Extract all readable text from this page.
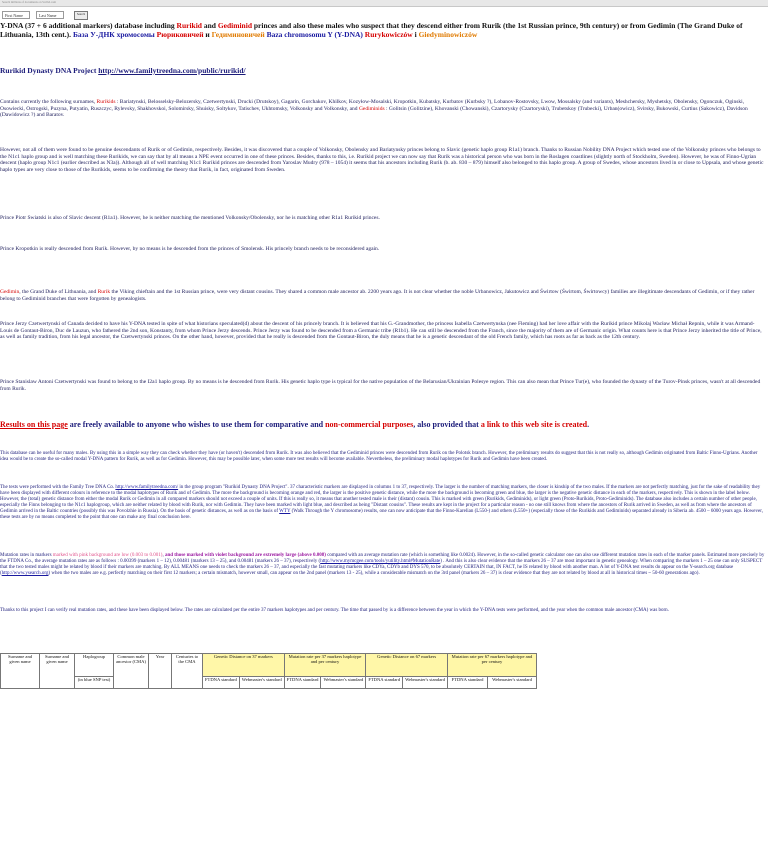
Search millions of documents on Scribd.com
First Name	Last Name	Search
Y-DNA (37 + 6 additional markers) database including Rurikid and Gediminid princes and also these males who suspect that they descend either from Rurik (the 1st Russian prince, 9th century) or from Gedimin (The Grand Duke of Lithuania, 13th cent.). База У-ДНК хромосомы Рюриковичей и Гедиминовичей Baza chromosomu Y (Y-DNA) Rurykowiczów i Giedyminowiczów
Rurikid Dynasty DNA Project http://www.familytreedna.com/public/rurikid/
Contains currently the following surnames, Rurikids : Bariatynski, Belosselsky-Belozersky, Czetwertynski, Drucki (Drutskoy), Gagarin, Gorchakov, Khilkov, Kozyłow-Mosalski, Kropotkin, Kubatsky, Kurbatov (Kurbsky ?), Lobanov-Rostovsky, Lwow, Mossalsky (and variants), Meshchersky, Myshetsky, Obolensky, Ogonczuk, Oginski, Osowiecki, Ostrogski, Puzyna, Putyatin, Ruszczyc, Rylevsky, Shakhovskoi, Solomirsky, Shuisky, Soltykov, Tatischev, Ukhtomsky, Volkonsky and Volkonsky, and Gediminids : Golitsin (Golitzine), Khovanski (Chowanski), Czartorysky (Czartoryski), Trubetskoy (Trubecki), Urban(owicz), Svirsky, Bukowski, Curtius (Sakowicz), Davidson (Dawidowicz ?) and Baratov.
However, not all of them were found to be genuine descendants of Rurik or of Gedimin, respectively. Besides, it was discovered that a couple of Volkonsky, Obolensky and Bariatynsky princes belong to Slavic (genetic haplo group R1a1) branch. Thanks to Russian Nobility DNA Project which tested one of the Volkonsky princes who belongs to the N1c1 haplo group and is well matching these Rurikids, we can say that by all means a NPE event occurred in one of these princes. Besides, thanks to this, i.e. Rurikid project we can now say that Rurik was a historical person who was born in the Roslagen coastlines (slightly north of Stockholm, Sweden). However, he was of Finno-Ugrian descent (haplo group N1c1 (earlier described as N3a)). Although all of well matching N1c1 Rurikid princes are descended from Yaroslav Mudry (978 – 1054) it seems that his ancestors including Rurik (b. ab. 830 – 879) himself also belonged to this haplo group. A group of Swedes, whose ancestors lived in or close to Uppsala, and whose genetic haplo types are very close to those of the Rurikids, seems to be confirming the theory that Rurik, in fact, originated from Sweden.
Prince Piotr Swiatski is also of Slavic descent (R1a1). However, he is neither matching the mentioned Volkonsky/Obolensky, nor he is matching other R1a1 Rurikid princes.
Prince Kropotkin is really descended from Rurik. However, by no means is he descended from the princes of Smolensk. His princely branch needs to be reconsidered again.
Gedimin, the Grand Duke of Lithuania, and Rurik the Viking chieftain and the 1st Russian prince, were very distant cousins. They shared a common male ancestor ab. 2200 years ago. It is not clear whether the noble Urbanowicz, Jakutowicz and Świrtow (Świrtom, Świrtowcy) families are illegitimate descendants of Gedimin, or if they rather belong to Gediminid branches that were forgotten by genealogists.
Prince Jerzy Czetwertynski of Canada decided to have his Y-DNA tested in spite of what historians speculated(d) about the descent of his princely branch. It is believed that his G.-Grandmother, the princess Isabella Czetwertynska (nee Fleming) had her love affair with the Rurikid prince Mikolaj Wacław Michał Repnin, while it was Armand-Louis de Gontaut-Biron, Duc de Lauzun, who fathered the 2nd son, Konstanty, from whom Prince Jerzy descends. Prince Jerzy was found to be descended from a Germanic tribe (R1b1). He can still be descended from the Franch, since the majority of them are of Germanic origin. What counts here is that Prince Jerzy inherited the title of Prince, as well as family tradition, from his legal ancestor, the Czetwertynski princes. On the other hand, however, provided that he really is descended from the Gontaut-Biron, the duly means that he is a genetic descendant of the old French family, which has roots as far as back as the 12th century.
Prince Stanislaw Antoni Czetwertynski was found to belong to the I2a1 haplo group. By no means is he descended from Rurik. His genetic haplo type is typical for the native population of the Belarusian/Ukrainian Polesye region. This can also mean that Prince Tur(e), who founded the dynasty of the Turov-Pinsk princes, wasn't at all descended from Rurik.
Results on this page are freely available to anyone who wishes to use them for comparative and non-commercial purposes, also provided that a link to this web site is created.
This database can be useful for many males. By using this in a simple way they can check whether they have (or haven't) descended from Rurik. It was also believed that the Gediminid princes were descended from Rurik on the Polotsk branch. However, the preliminary results do suggest that this is not really so, although Gedimin originated from Baltic Finno-Ugrians. Another idea would be to create the so-called modal Y-DNA pattern for Rurik, as well as for Gedimin. However, this may be possible later, when some more test results will become available. Nevertheless, the preliminary modal haplotypes for Rurik and Gedimin have been created.
The tests were performed with the Family Tree DNA Co. http://www.familytreedna.com/ in the group program "Rurikid Dynasty DNA Project". 37 characteristic markers are displayed in columns 1 to 37, respectively. The larger is the number of matching markers, the closer is kinship of the two males. If the markers are not perfectly matching, just for the sake of readability they have been displayed with different colours in reference to the modal haplotypes of Rurik and of Gedimin. The more the background is becoming orange and red, the larger is the positive genetic distance, while the more the background is becoming green and blue, the larger is the negative genetic distance in each of the markers, respectively. This is shown in the label below. However, the (total) genetic distance from either the modal Rurik or Gedimin in all compared markers should not exceed a couple of units. If this is really so, it means that another tested male is their (distant) cousin. This is marked with green (Rurikids, Gediminids), or light green (Proto-Rurikids, Proto-Gediminids). The database also includes a certain number of other people, especially the Finns belonging to the N1c1 haplogroup, which are neither related by blood with Rurik, nor with Gedimin. They have been marked with light blue, and described as being "Distant cousins". These results are kept in the project for a particular reason - no one still knows from where the ancestors of Rurik arrived in Sweden, as well as from where the ancestors of Gedimin arrived in the Baltic countries (possibly this was Povolzhie in Russia). On the basis of genetic distances, as well as on the basis of WTY (Walk Through the Y chromosome) results, one can now anticipate that the Finno-Karelian (L550-) and others (L550+) (especially those of the Rurikids and Gediminids) separated already in Siberia ab. 4500 – 6000 years ago. However, these tests are by no means completed to the point that one can make any final conclusion here.
Mutation rates in markers marked with pink background are low (0.003 to 0.001), and those marked with violet background are extremely large (above 0.008) compared with an average mutation rate (which is something like 0.0024). However, in the so-called genetic calculator one can also use different mutation rates in each of the marker panels. Estimated more precisely by the FTDNA Co., the average mutation rates are as follows : 0.00399 (markers 1 – 12), 0.00481 (markers 13 – 25), and 0.00481 (markers 26 – 37), respectively (http://www.mymcgee.com/tools/yutility.html#MutationRate) . And this is also clear evidence that the markers 26 – 37 are most important in genetic genealogy. When comparing the markers 1 – 25 one can only SUSPECT that the two tested males might be related by blood if their markers are matching. By ALL MEANS one needs to check the markers 26 – 37, and especially the fast mutating markers like CDYa, CDYb and DYS 570, to be absolutely CERTAIN that, IN FACT, he IS related by blood with another man. A lot of Y-DNA test results do appear on the Y-search.org database (http://www.ysearch.org) when the two males are e.g. perfectly matching on their first 12 markers; a certain mismatch, however small, can appear on the 2nd panel (markers 13 - 25), while a considerable mismatch on the 3rd panel (markers 26 – 37) is clear evidence that they are not related by blood at all in historical times ~ 50-60 generations ago).
Thanks to this project I can verify real mutation rates, and these have been displayed below. The rates are calculated per the entire 37 markers haplotypes and per century. The time that passed by is a difference between the year in which the Y-DNA tests were performed, and the year when the common male ancestor (CMA) was born.
Surname and given name	Surname and given name	Haplogroup	Common male ancestor (CMA)	Year	Centuries to the CMA	Genetic Distance on 37 markers		Mutation rate per 37 markers haplotype and per century		Genetic Distance on 67 markers		Mutation rate per 67 markers haplotype and per century	
		(in blue SNP test)				FTDNA standard	Webmaster's standard	FTDNA standard	Webmaster's standard	FTDNA standard	Webmaster's standard	FTDNA standard	Webmaster's standard
